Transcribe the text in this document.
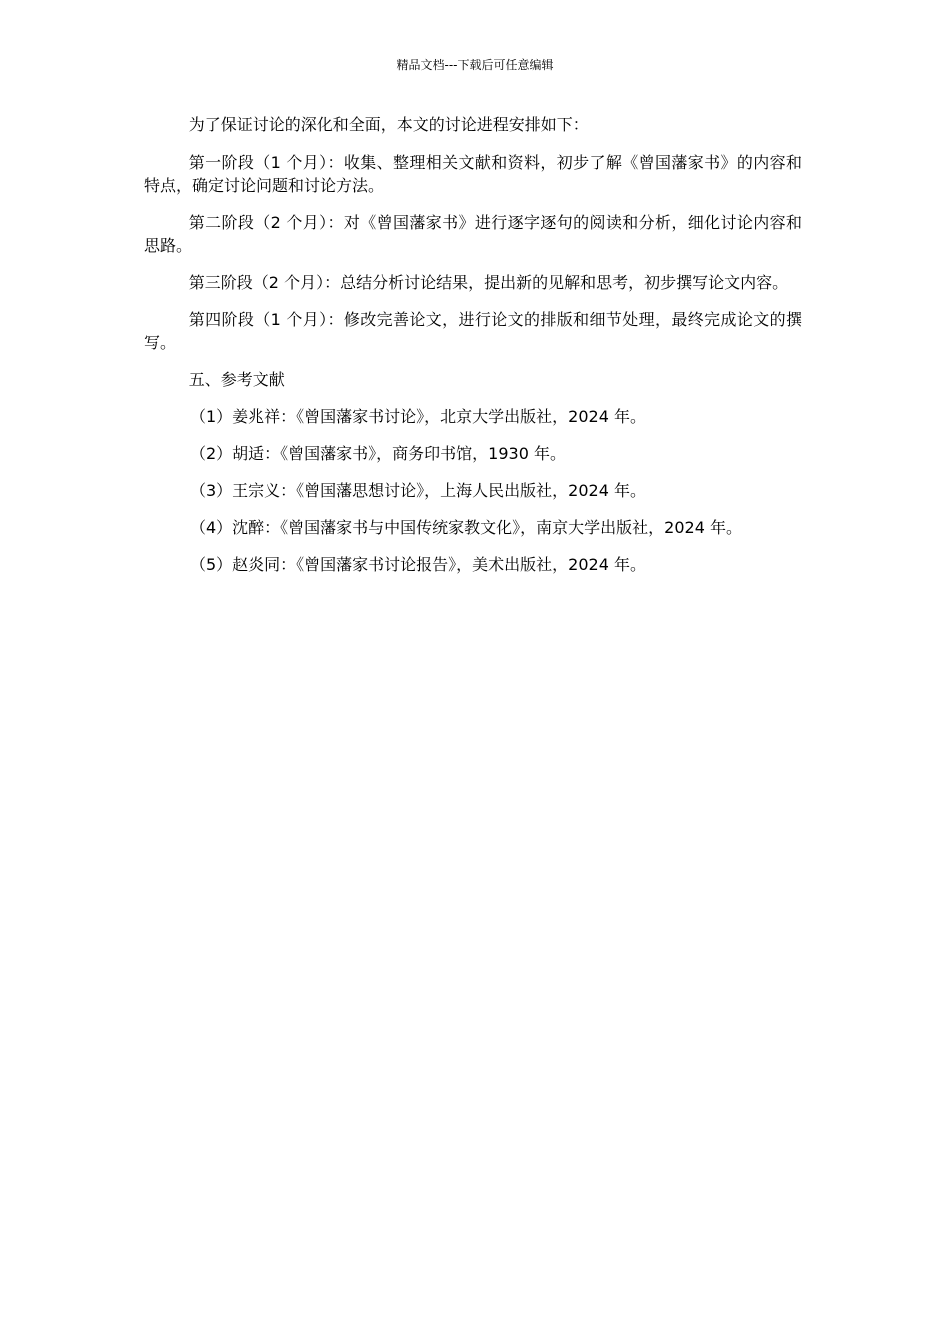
精品文档---下载后可任意编辑

为了保证讨论的深化和全面，本文的讨论进程安排如下：

第一阶段（1 个月）：收集、整理相关文献和资料，初步了解《曾国藩家书》的内容和特点，确定讨论问题和讨论方法。

第二阶段（2 个月）：对《曾国藩家书》进行逐字逐句的阅读和分析，细化讨论内容和思路。

第三阶段（2 个月）：总结分析讨论结果，提出新的见解和思考，初步撰写论文内容。

第四阶段（1 个月）：修改完善论文，进行论文的排版和细节处理，最终完成论文的撰写。

五、参考文献

（1）姜兆祥：《曾国藩家书讨论》，北京大学出版社，2024 年。
（2）胡适：《曾国藩家书》，商务印书馆，1930 年。
（3）王宗义：《曾国藩思想讨论》，上海人民出版社，2024 年。
（4）沈醉：《曾国藩家书与中国传统家教文化》，南京大学出版社，2024 年。
（5）赵炎同：《曾国藩家书讨论报告》，美术出版社，2024 年。
